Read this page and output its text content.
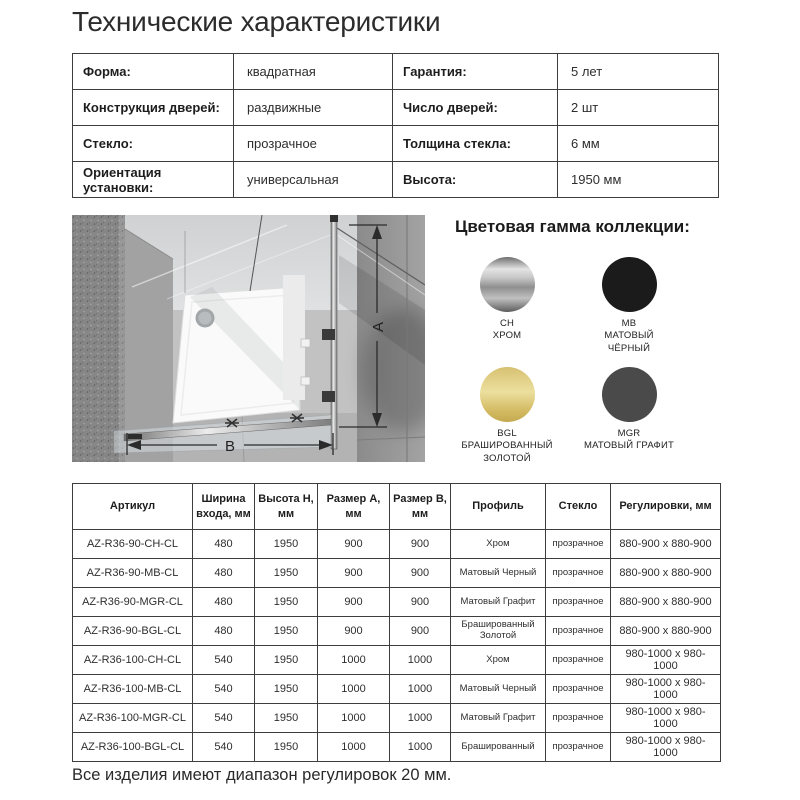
Технические характеристики
Форма:	квадратная	Гарантия:	5 лет
Конструкция дверей:	раздвижные	Число дверей:	2 шт
Стекло:	прозрачное	Толщина стекла:	6 мм
Ориентация установки:	универсальная	Высота:	1950 мм
A
B
Цветовая гамма коллекции:
CH
ХРОМ
MB
МАТОВЫЙ ЧЁРНЫЙ
BGL
БРАШИРОВАННЫЙ ЗОЛОТОЙ
MGR
МАТОВЫЙ ГРАФИТ
Артикул	Ширина входа, мм	Высота H, мм	Размер A, мм	Размер B, мм	Профиль	Стекло	Регулировки, мм
AZ-R36-90-CH-CL	480	1950	900	900	Хром	прозрачное	880-900 x 880-900
AZ-R36-90-MB-CL	480	1950	900	900	Матовый Черный	прозрачное	880-900 x 880-900
AZ-R36-90-MGR-CL	480	1950	900	900	Матовый Графит	прозрачное	880-900 x 880-900
AZ-R36-90-BGL-CL	480	1950	900	900	Брашированный Золотой	прозрачное	880-900 x 880-900
AZ-R36-100-CH-CL	540	1950	1000	1000	Хром	прозрачное	980-1000 x 980-1000
AZ-R36-100-MB-CL	540	1950	1000	1000	Матовый Черный	прозрачное	980-1000 x 980-1000
AZ-R36-100-MGR-CL	540	1950	1000	1000	Матовый Графит	прозрачное	980-1000 x 980-1000
AZ-R36-100-BGL-CL	540	1950	1000	1000	Брашированный	прозрачное	980-1000 x 980-1000
Все изделия имеют диапазон регулировок 20 мм.
